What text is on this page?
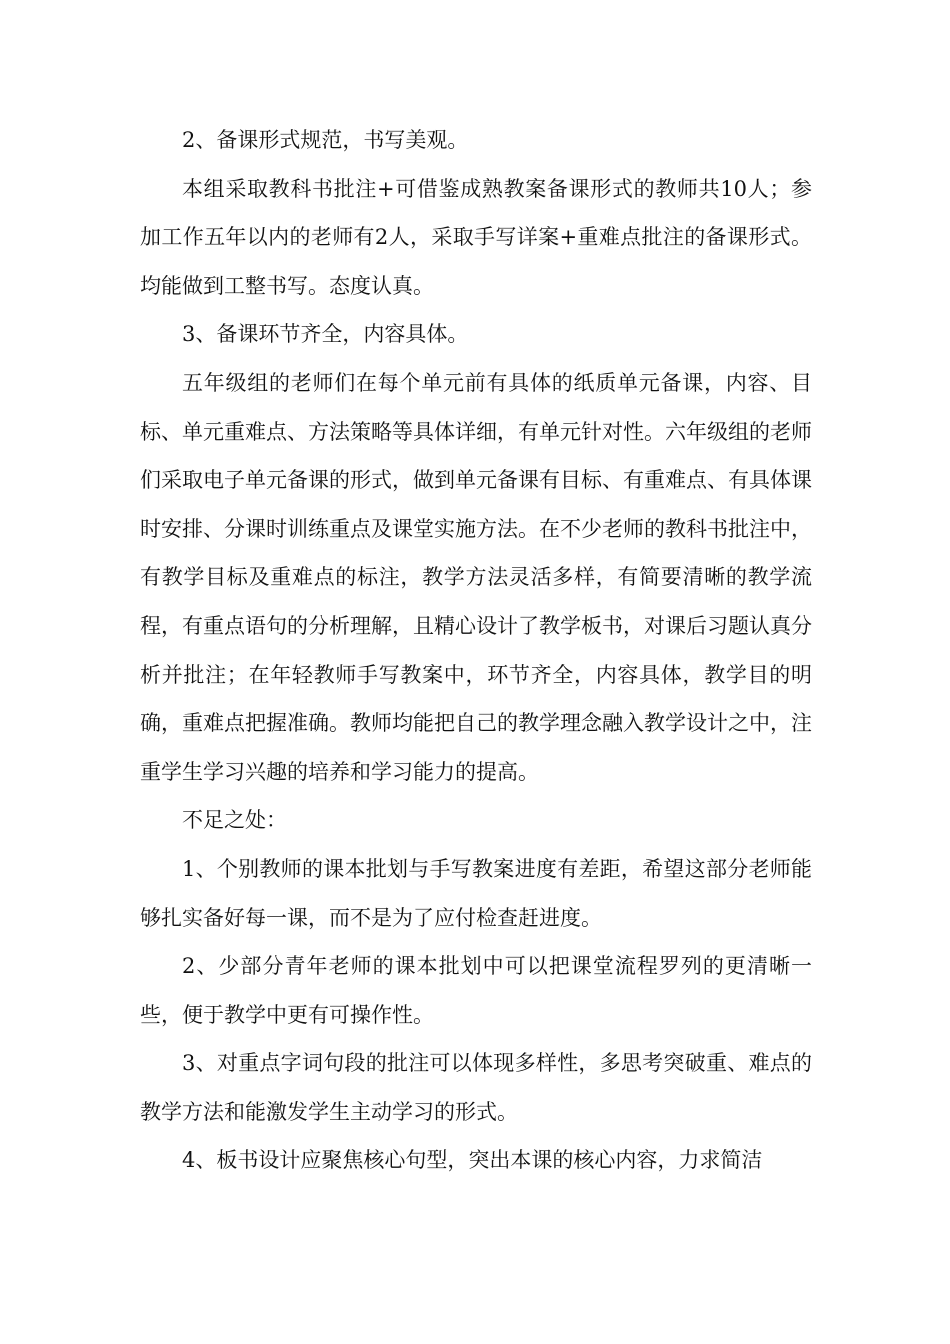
2、备课形式规范，书写美观。

本组采取教科书批注+可借鉴成熟教案备课形式的教师共10人；参加工作五年以内的老师有2人，采取手写详案+重难点批注的备课形式。均能做到工整书写。态度认真。

3、备课环节齐全，内容具体。

五年级组的老师们在每个单元前有具体的纸质单元备课，内容、目标、单元重难点、方法策略等具体详细，有单元针对性。六年级组的老师们采取电子单元备课的形式，做到单元备课有目标、有重难点、有具体课时安排、分课时训练重点及课堂实施方法。在不少老师的教科书批注中，有教学目标及重难点的标注，教学方法灵活多样，有简要清晰的教学流程，有重点语句的分析理解，且精心设计了教学板书，对课后习题认真分析并批注；在年轻教师手写教案中，环节齐全，内容具体，教学目的明确，重难点把握准确。教师均能把自己的教学理念融入教学设计之中，注重学生学习兴趣的培养和学习能力的提高。

不足之处：

1、个别教师的课本批划与手写教案进度有差距，希望这部分老师能够扎实备好每一课，而不是为了应付检查赶进度。

2、少部分青年老师的课本批划中可以把课堂流程罗列的更清晰一些，便于教学中更有可操作性。

3、对重点字词句段的批注可以体现多样性，多思考突破重、难点的教学方法和能激发学生主动学习的形式。

4、板书设计应聚焦核心句型，突出本课的核心内容，力求简洁
